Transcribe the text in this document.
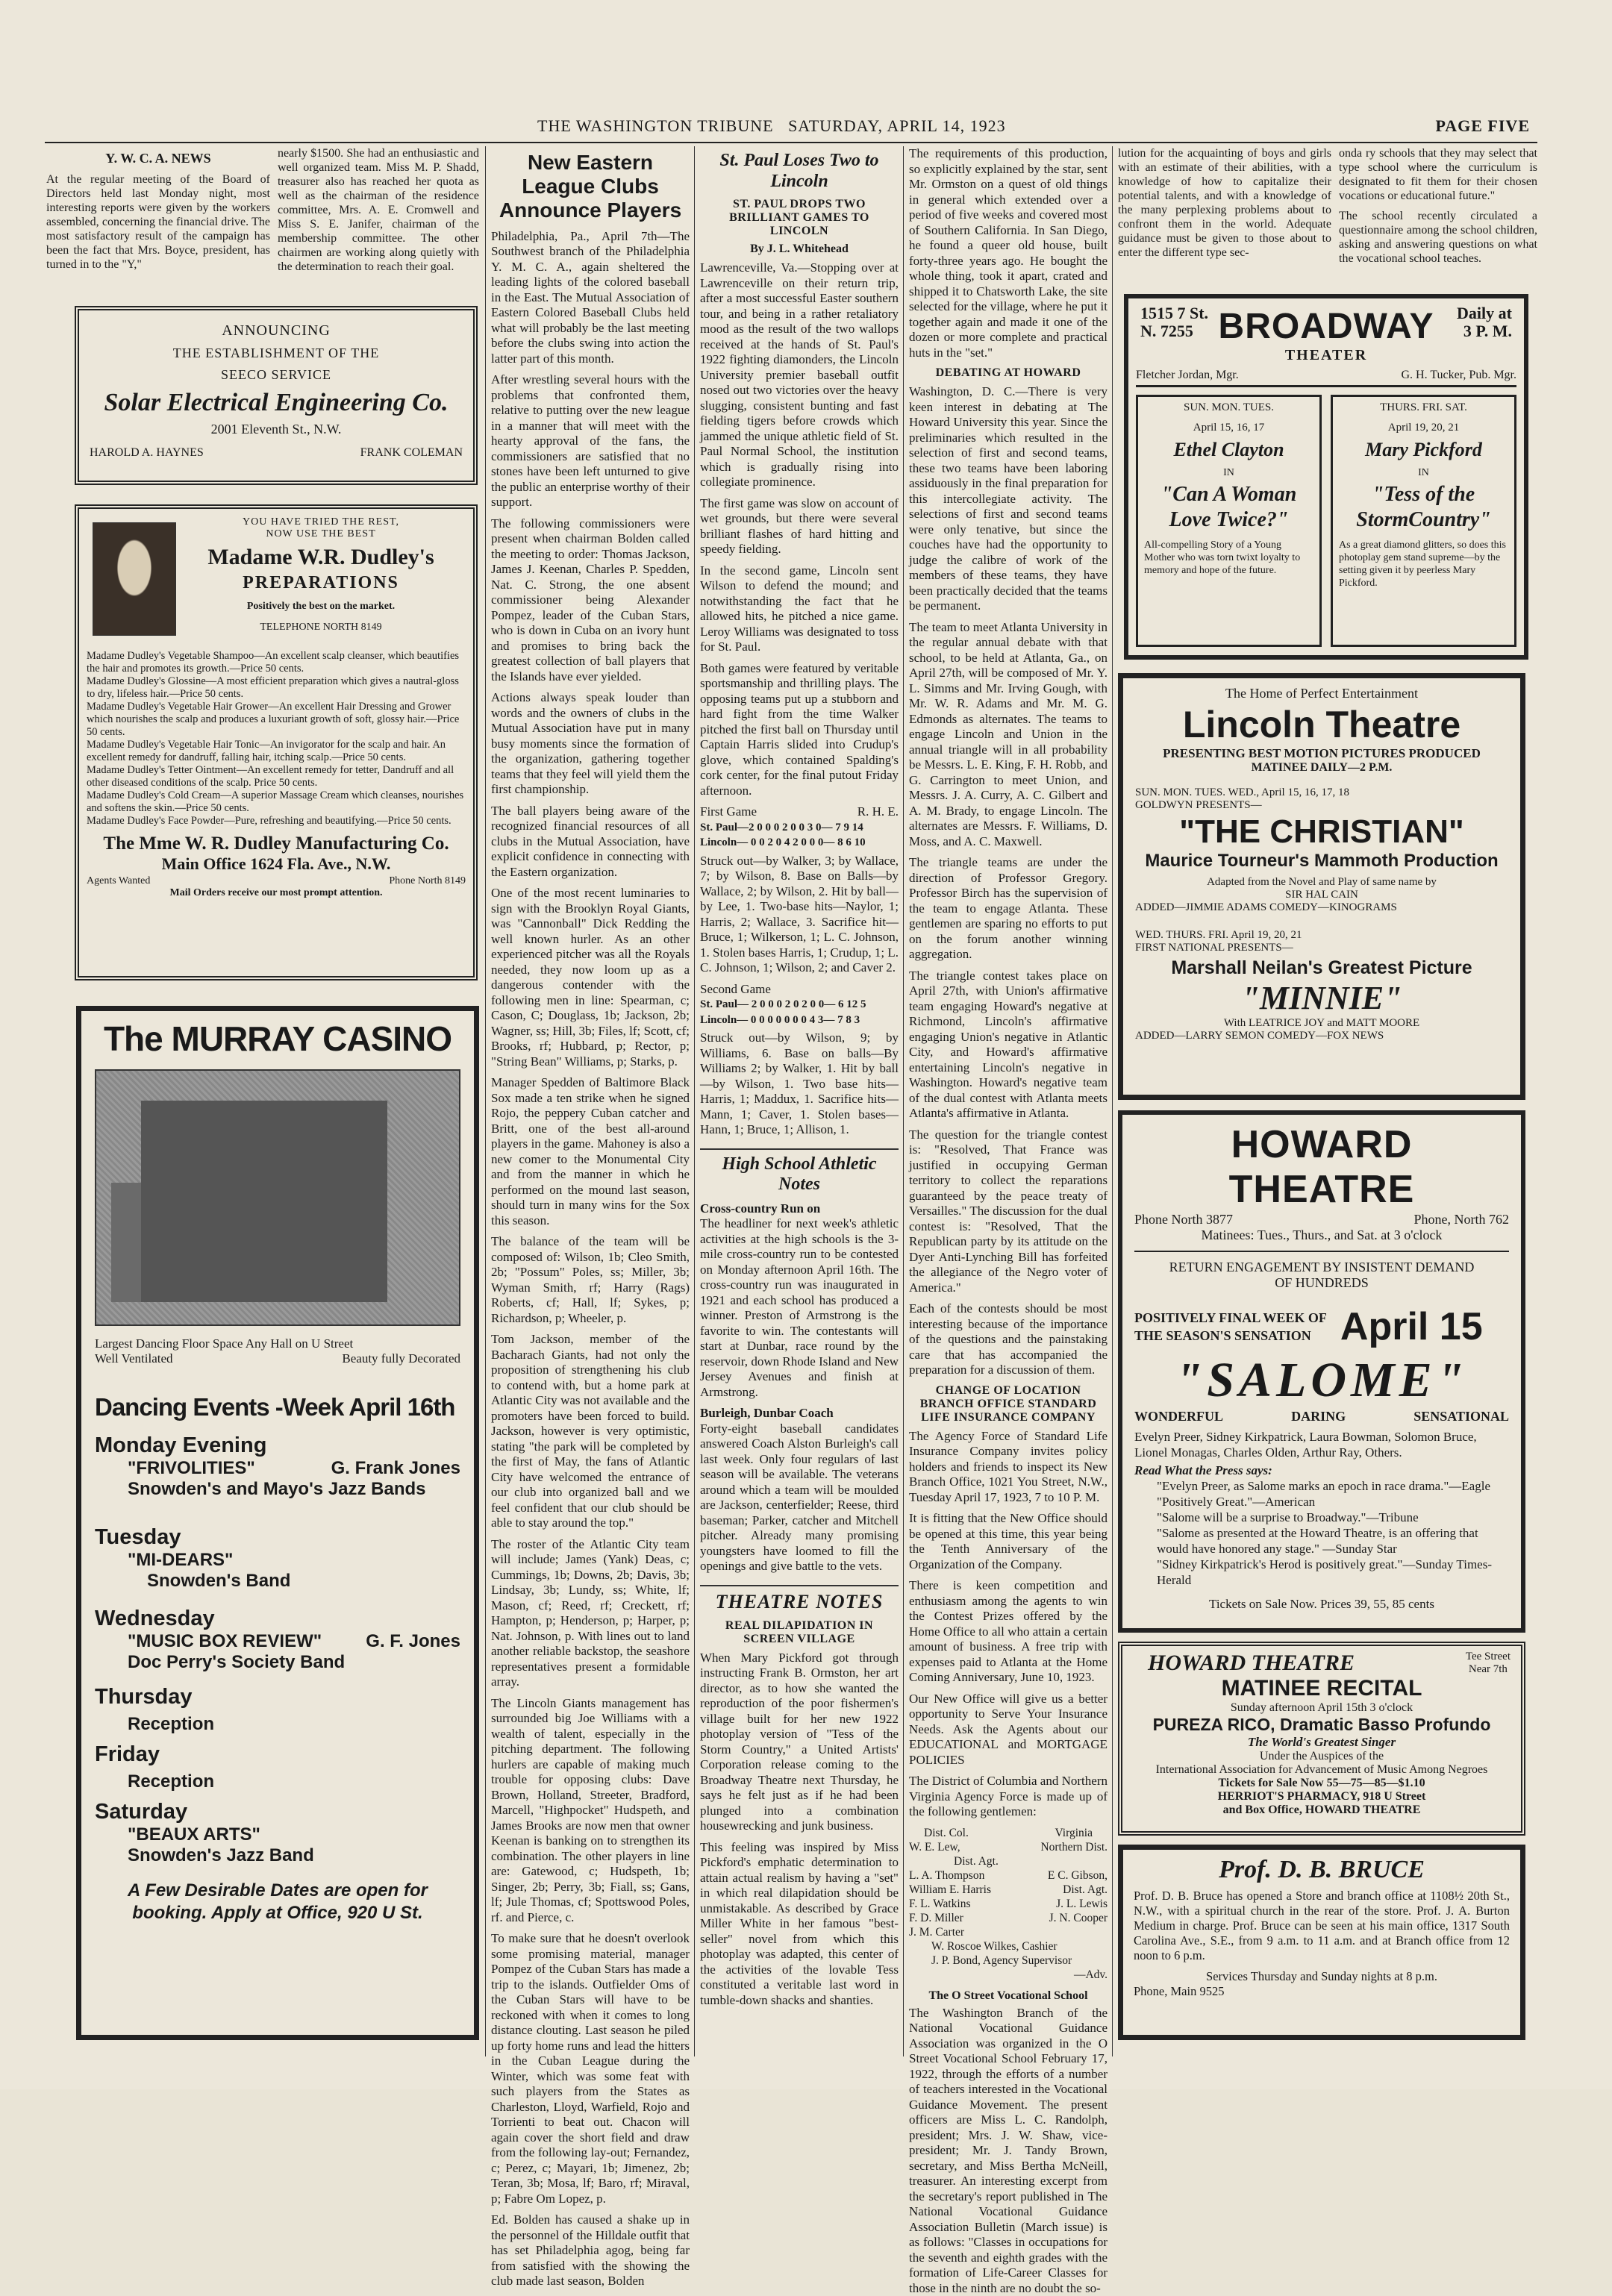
THE WASHINGTON TRIBUNE SATURDAY, APRIL 14, 1923	PAGE FIVE
Y. W. C. A. NEWS

At the regular meeting of the Board of Directors held last Monday night, most interesting reports were given by the workers assembled, concerning the financial drive. The most satisfactory result of the campaign has been the fact that Mrs. Boyce, president, has turned in to the "Y,"

nearly $1500. She had an enthusiastic and well organized team. Miss M. P. Shadd, treasurer also has reached her quota as well as the chairman of the residence committee, Mrs. A. E. Cromwell and Miss S. E. Janifer, chairman of the membership committee. The other chairmen are working along quietly with the determination to reach their goal.

ANNOUNCING
THE ESTABLISHMENT OF THE
SEECO SERVICE
Solar Electrical Engineering Co.
2001 Eleventh St., N.W.
HAROLD A. HAYNES	FRANK COLEMAN
YOU HAVE TRIED THE REST,
NOW USE THE BEST
Madame W.R. Dudley's
PREPARATIONS
Positively the best on the market.
TELEPHONE NORTH 8149

Madame Dudley's Vegetable Shampoo—An excellent scalp cleanser, which beautifies the hair and promotes its growth.—Price 50 cents.

Madame Dudley's Glossine—A most efficient preparation which gives a nautral-gloss to dry, lifeless hair.—Price 50 cents.

Madame Dudley's Vegetable Hair Grower—An excellent Hair Dressing and Grower which nourishes the scalp and produces a luxuriant growth of soft, glossy hair.—Price 50 cents.

Madame Dudley's Vegetable Hair Tonic—An invigorator for the scalp and hair. An excellent remedy for dandruff, falling hair, itching scalp.—Price 50 cents.

Madame Dudley's Tetter Ointment—An excellent remedy for tetter, Dandruff and all other diseased conditions of the scalp. Price 50 cents.

Madame Dudley's Cold Cream—A superior Massage Cream which cleanses, nourishes and softens the skin.—Price 50 cents.

Madame Dudley's Face Powder—Pure, refreshing and beautifying.—Price 50 cents.

The Mme W. R. Dudley Manufacturing Co.
Main Office 1624 Fla. Ave., N.W.
Agents Wanted	Phone North 8149
Mail Orders receive our most prompt attention.
The MURRAY CASINO
Largest Dancing Floor Space Any Hall on U Street
Well Ventilated	Beauty fully Decorated
Dancing Events -Week April 16th
Monday Evening
"FRIVOLITIES"	G. Frank Jones
Snowden's and Mayo's Jazz Bands
Tuesday
"MI-DEARS"
Snowden's Band
Wednesday
"MUSIC BOX REVIEW" G. F. Jones
Doc Perry's Society Band
Thursday
Reception
Friday
Reception
Saturday
"BEAUX ARTS"
Snowden's Jazz Band
A Few Desirable Dates are open for booking. Apply at Office, 920 U St.
New Eastern League Clubs Announce Players

Philadelphia, Pa., April 7th—The Southwest branch of the Philadelphia Y. M. C. A., again sheltered the leading lights of the colored baseball in the East. The Mutual Association of Eastern Colored Baseball Clubs held what will probably be the last meeting before the clubs swing into action the latter part of this month.

After wrestling several hours with the problems that confronted them, relative to putting over the new league in a manner that will meet with the hearty approval of the fans, the commissioners are satisfied that no stones have been left unturned to give the public an enterprise worthy of their support.

The following commissioners were present when chairman Bolden called the meeting to order: Thomas Jackson, James J. Keenan, Charles P. Spedden, Nat. C. Strong, the one absent commissioner being Alexander Pompez, leader of the Cuban Stars, who is down in Cuba on an ivory hunt and promises to bring back the greatest collection of ball players that the Islands have ever yielded.

Actions always speak louder than words and the owners of clubs in the Mutual Association have put in many busy moments since the formation of the organization, gathering together teams that they feel will yield them the first championship.

The ball players being aware of the recognized financial resources of all clubs in the Mutual Association, have explicit confidence in connecting with the Eastern organization.

One of the most recent luminaries to sign with the Brooklyn Royal Giants, was "Cannonball" Dick Redding the well known hurler. As an other experienced pitcher was all the Royals needed, they now loom up as a dangerous contender with the following men in line: Spearman, c; Cason, C; Douglass, 1b; Jackson, 2b; Wagner, ss; Hill, 3b; Files, lf; Scott, cf; Brooks, rf; Hubbard, p; Rector, p; "String Bean" Williams, p; Starks, p.

Manager Spedden of Baltimore Black Sox made a ten strike when he signed Rojo, the peppery Cuban catcher and Britt, one of the best all-around players in the game. Mahoney is also a new comer to the Monumental City and from the manner in which he performed on the mound last season, should turn in many wins for the Sox this season.

The balance of the team will be composed of: Wilson, 1b; Cleo Smith, 2b; "Possum" Poles, ss; Miller, 3b; Wyman Smith, rf; Harry (Rags) Roberts, cf; Hall, lf; Sykes, p; Richardson, p; Wheeler, p.

Tom Jackson, member of the Bacharach Giants, had not only the proposition of strengthening his club to contend with, but a home park at Atlantic City was not available and the promoters have been forced to build. Jackson, however is very optimistic, stating "the park will be completed by the first of May, the fans of Atlantic City have welcomed the entrance of our club into organized ball and we feel confident that our club should be able to stay around the top."

The roster of the Atlantic City team will include; James (Yank) Deas, c; Cummings, 1b; Downs, 2b; Davis, 3b; Lindsay, 3b; Lundy, ss; White, lf; Mason, cf; Reed, rf; Creckett, rf; Hampton, p; Henderson, p; Harper, p; Nat. Johnson, p. With lines out to land another reliable backstop, the seashore representatives present a formidable array.

The Lincoln Giants management has surrounded big Joe Williams with a wealth of talent, especially in the pitching department. The following hurlers are capable of making much trouble for opposing clubs: Dave Brown, Holland, Streeter, Bradford, Marcell, "Highpocket" Hudspeth, and James Brooks are now men that owner Keenan is banking on to strengthen its combination. The other players in line are: Gatewood, c; Hudspeth, 1b; Singer, 2b; Perry, 3b; Fiall, ss; Gans, lf; Jule Thomas, cf; Spottswood Poles, rf. and Pierce, c.

To make sure that he doesn't overlook some promising material, manager Pompez of the Cuban Stars has made a trip to the islands. Outfielder Oms of the Cuban Stars will have to be reckoned with when it comes to long distance clouting. Last season he piled up forty home runs and lead the hitters in the Cuban League during the Winter, which was some feat with such players from the States as Charleston, Lloyd, Warfield, Rojo and Torrienti to beat out. Chacon will again cover the short field and draw from the following lay-out; Fernandez, c; Perez, c; Mayari, 1b; Jimenez, 2b; Teran, 3b; Mosa, lf; Baro, rf; Miraval, p; Fabre Om Lopez, p.

Ed. Bolden has caused a shake up in the personnel of the Hilldale outfit that has set Philadelphia agog, being far from satisfied with the showing the club made last season, Bolden

St. Paul Loses Two to Lincoln
ST. PAUL DROPS TWO BRILLIANT GAMES TO LINCOLN
By J. L. Whitehead

Lawrenceville, Va.—Stopping over at Lawrenceville on their return trip, after a most successful Easter southern tour, and being in a rather retaliatory mood as the result of the two wallops received at the hands of St. Paul's 1922 fighting diamonders, the Lincoln University premier baseball outfit nosed out two victories over the heavy slugging, consistent bunting and fast fielding tigers before crowds which jammed the unique athletic field of St. Paul Normal School, the institution which is gradually rising into collegiate prominence.

The first game was slow on account of wet grounds, but there were several brilliant flashes of hard hitting and speedy fielding.

In the second game, Lincoln sent Wilson to defend the mound; and notwithstanding the fact that he allowed hits, he pitched a nice game. Leroy Williams was designated to toss for St. Paul.

Both games were featured by veritable sportsmanship and thrilling plays. The opposing teams put up a stubborn and hard fight from the time Walker pitched the first ball on Thursday until Captain Harris slided into Crudup's glove, which contained Spalding's cork center, for the final putout Friday afternoon.

First Game	R. H. E.
St. Paul—2 0 0 0 2 0 0 3 0— 7 9 14
Lincoln— 0 0 2 0 4 2 0 0 0— 8 6 10

Struck out—by Walker, 3; by Wallace, 7; by Wilson, 8. Base on Balls—by Wallace, 2; by Wilson, 2. Hit by ball—by Lee, 1. Two-base hits—Naylor, 1; Harris, 2; Wallace, 3. Sacrifice hit—Bruce, 1; Wilkerson, 1; L. C. Johnson, 1. Stolen bases Harris, 1; Crudup, 1; L. C. Johnson, 1; Wilson, 2; and Caver 2.

Second Game
St. Paul— 2 0 0 0 2 0 2 0 0— 6 12 5
Lincoln— 0 0 0 0 0 0 0 4 3— 7 8 3

Struck out—by Wilson, 9; by Williams, 6. Base on balls—By Williams 2; by Walker, 1. Hit by ball—by Wilson, 1. Two base hits—Harris, 1; Maddux, 1. Sacrifice hits—Mann, 1; Caver, 1. Stolen bases—Hann, 1; Bruce, 1; Allison, 1.

High School Athletic Notes
Cross-country Run on

The headliner for next week's athletic activities at the high schools is the 3-mile cross-country run to be contested on Monday afternoon April 16th. The cross-country run was inaugurated in 1921 and each school has produced a winner. Preston of Armstrong is the favorite to win. The contestants will start at Dunbar, race round by the reservoir, down Rhode Island and New Jersey Avenues and finish at Armstrong.

Burleigh, Dunbar Coach

Forty-eight baseball candidates answered Coach Alston Burleigh's call last week. Only four regulars of last season will be available. The veterans around which a team will be moulded are Jackson, centerfielder; Reese, third baseman; Parker, catcher and Mitchell pitcher. Already many promising youngsters have loomed to fill the openings and give battle to the vets.

THEATRE NOTES
REAL DILAPIDATION IN SCREEN VILLAGE

When Mary Pickford got through instructing Frank B. Ormston, her art director, as to how she wanted the reproduction of the poor fishermen's village built for her new 1922 photoplay version of "Tess of the Storm Country," a United Artists' Corporation release coming to the Broadway Theatre next Thursday, he says he felt just as if he had been plunged into a combination housewrecking and junk business.

This feeling was inspired by Miss Pickford's emphatic determination to attain actual realism by having a "set" in which real dilapidation should be unmistakable. As described by Grace Miller White in her famous "best-seller" novel from which this photoplay was adapted, this center of the activities of the lovable Tess constituted a veritable last word in tumble-down shacks and shanties.

The requirements of this production, so explicitly explained by the star, sent Mr. Ormston on a quest of old things in general which extended over a period of five weeks and covered most of Southern California. In San Diego, he found a queer old house, built forty-three years ago. He bought the whole thing, took it apart, crated and shipped it to Chatsworth Lake, the site selected for the village, where he put it together again and made it one of the dozen or more complete and practical huts in the "set."

DEBATING AT HOWARD

Washington, D. C.—There is very keen interest in debating at The Howard University this year. Since the preliminaries which resulted in the selection of first and second teams, these two teams have been laboring assiduously in the final preparation for this intercollegiate activity. The selections of first and second teams were only tenative, but since the couches have had the opportunity to judge the calibre of work of the members of these teams, they have been practically decided that the teams be permanent.

The team to meet Atlanta University in the regular annual debate with that school, to be held at Atlanta, Ga., on April 27th, will be composed of Mr. Y. L. Simms and Mr. Irving Gough, with Mr. W. R. Adams and Mr. M. G. Edmonds as alternates. The teams to engage Lincoln and Union in the annual triangle will in all probability be Messrs. L. E. King, F. H. Robb, and G. Carrington to meet Union, and Messrs. J. A. Curry, A. C. Gilbert and A. M. Brady, to engage Lincoln. The alternates are Messrs. F. Williams, D. Moss, and A. C. Maxwell.

The triangle teams are under the direction of Professor Gregory. Professor Birch has the supervision of the team to engage Atlanta. These gentlemen are sparing no efforts to put on the forum another winning aggregation.

The triangle contest takes place on April 27th, with Union's affirmative team engaging Howard's negative at Richmond, Lincoln's affirmative engaging Union's negative in Atlantic City, and Howard's affirmative entertaining Lincoln's negative in Washington. Howard's negative team of the dual contest with Atlanta meets Atlanta's affirmative in Atlanta.

The question for the triangle contest is: "Resolved, That France was justified in occupying German territory to collect the reparations guaranteed by the peace treaty of Versailles." The discussion for the dual contest is: "Resolved, That the Republican party by its attitude on the Dyer Anti-Lynching Bill has forfeited the allegiance of the Negro voter of America."

Each of the contests should be most interesting because of the importance of the questions and the painstaking care that has accompanied the preparation for a discussion of them.

CHANGE OF LOCATION BRANCH OFFICE STANDARD LIFE INSURANCE COMPANY

The Agency Force of Standard Life Insurance Company invites policy holders and friends to inspect its New Branch Office, 1021 You Street, N.W., Tuesday April 17, 1923, 7 to 10 P. M.

It is fitting that the New Office should be opened at this time, this year being the Tenth Anniversary of the Organization of the Company.

There is keen competition and enthusiasm among the agents to win the Contest Prizes offered by the Home Office to all who attain a certain amount of business. A free trip with expenses paid to Atlanta at the Home Coming Anniversary, June 10, 1923.

Our New Office will give us a better opportunity to Serve Your Insurance Needs. Ask the Agents about our EDUCATIONAL and MORTGAGE POLICIES

The District of Columbia and Northern Virginia Agency Force is made up of the following gentlemen:

Dist. Col.	Virginia
W. E. Lew,	Northern Dist.
Dist. Agt.
L. A. Thompson	E C. Gibson,
William E. Harris	Dist. Agt.
F. L. Watkins	J. L. Lewis
F. D. Miller	J. N. Cooper
J. M. Carter
W. Roscoe Wilkes, Cashier
J. P. Bond, Agency Supervisor
—Adv.
The O Street Vocational School

The Washington Branch of the National Vocational Guidance Association was organized in the O Street Vocational School February 17, 1922, through the efforts of a number of teachers interested in the Vocational Guidance Movement. The present officers are Miss L. C. Randolph, president; Mrs. J. W. Shaw, vice-president; Mr. J. Tandy Brown, secretary, and Miss Bertha McNeill, treasurer. An interesting excerpt from the secretary's report published in The National Vocational Guidance Association Bulletin (March issue) is as follows: "Classes in occupations for the seventh and eighth grades with the formation of Life-Career Classes for those in the ninth are no doubt the so-

lution for the acquainting of boys and girls with an estimate of their abilities, with a knowledge of how to capitalize their potential talents, and with a knowledge of the many perplexing problems about to confront them in the world. Adequate guidance must be given to those about to enter the different type sec-

onda ry schools that they may select that type school where the curriculum is designated to fit them for their chosen vocations or educational future."

The school recently circulated a questionnaire among the school children, asking and answering questions on what the vocational school teaches.

1515 7 St.
N. 7255 BROADWAY	Daily at
3 P. M.
THEATER
Fletcher Jordan, Mgr.	G. H. Tucker, Pub. Mgr.
SUN. MON. TUES.
April 15, 16, 17
Ethel Clayton
IN
"Can A Woman Love Twice?"
All-compelling Story of a Young Mother who was torn twixt loyalty to memory and hope of the future.
THURS. FRI. SAT.
April 19, 20, 21
Mary Pickford
IN
"Tess of the StormCountry"
As a great diamond glitters, so does this photoplay gem stand supreme—by the setting given it by peerless Mary Pickford.
The Home of Perfect Entertainment
Lincoln Theatre
PRESENTING BEST MOTION PICTURES PRODUCED
MATINEE DAILY—2 P.M.
SUN. MON. TUES. WED., April 15, 16, 17, 18
GOLDWYN PRESENTS—
"THE CHRISTIAN"
Maurice Tourneur's Mammoth Production
Adapted from the Novel and Play of same name by
SIR HAL CAIN
ADDED—JIMMIE ADAMS COMEDY—KINOGRAMS
WED. THURS. FRI. April 19, 20, 21
FIRST NATIONAL PRESENTS—
Marshall Neilan's Greatest Picture
"MINNIE"
With LEATRICE JOY and MATT MOORE
ADDED—LARRY SEMON COMEDY—FOX NEWS
HOWARD THEATRE
Phone North 3877	Phone, North 762
Matinees: Tues., Thurs., and Sat. at 3 o'clock
RETURN ENGAGEMENT BY INSISTENT DEMAND
OF HUNDREDS
POSITIVELY FINAL WEEK OF
THE SEASON'S SENSATION April 15
"SALOME"
WONDERFUL	DARING	SENSATIONAL
Evelyn Preer, Sidney Kirkpatrick, Laura Bowman, Solomon Bruce, Lionel Monagas, Charles Olden, Arthur Ray, Others.
Read What the Press says:
"Evelyn Preer, as Salome marks an epoch in race drama."—Eagle
"Positively Great."—American
"Salome will be a surprise to Broadway."—Tribune
"Salome as presented at the Howard Theatre, is an offering that would have honored any stage." —Sunday Star
"Sidney Kirkpatrick's Herod is positively great."—Sunday Times-Herald
Tickets on Sale Now. Prices 39, 55, 85 cents
HOWARD THEATRE	Tee Street
Near 7th
MATINEE RECITAL
Sunday afternoon April 15th 3 o'clock
PUREZA RICO, Dramatic Basso Profundo
The World's Greatest Singer
Under the Auspices of the
International Association for Advancement of Music Among Negroes
Tickets for Sale Now 55—75—85—$1.10
HERRIOT'S PHARMACY, 918 U Street
and Box Office, HOWARD THEATRE
Prof. D. B. BRUCE
Prof. D. B. Bruce has opened a Store and branch office at 1108½ 20th St., N.W., with a spiritual church in the rear of the store. Prof. J. A. Burton Medium in charge. Prof. Bruce can be seen at his main office, 1317 South Carolina Ave., S.E., from 9 a.m. to 11 a.m. and at Branch office from 12 noon to 6 p.m.
Services Thursday and Sunday nights at 8 p.m.
Phone, Main 9525
